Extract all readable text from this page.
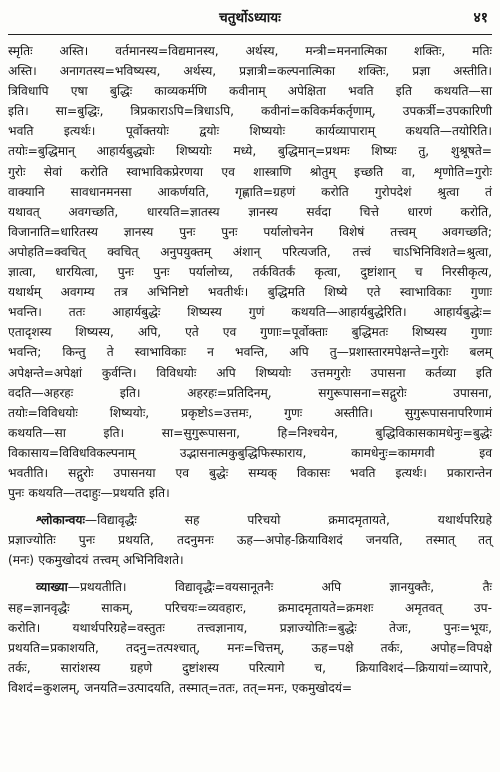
चतुर्थोऽध्यायः	४१

स्मृतिः अस्ति। वर्तमानस्य=विद्यमानस्य, अर्थस्य, मन्त्री=मननात्मिका शक्तिः, मतिः

अस्ति। अनागतस्य=भविष्यस्य, अर्थस्य, प्रज्ञात्री=कल्पनात्मिका शक्तिः, प्रज्ञा अस्तीति।

त्रिविधापि एषा बुद्धिः काव्यकर्मणि कवीनाम् अपेक्षिता भवति इति कथयति—सा

इति। सा=बुद्धिः, त्रिप्रकाराऽपि=त्रिधाऽपि, कवीनां=कविकर्मकर्तृणाम्, उपकर्त्री=उपकारिणी

भवति इत्यर्थः। पूर्वोक्तयोः द्वयोः शिष्ययोः कार्यव्यापाराम् कथयति—तयोरिति।

तयोः=बुद्धिमान् आहार्यबुद्ध्योः शिष्ययोः मध्ये, बुद्धिमान्=प्रथमः शिष्यः तु, शुश्रूषते=

गुरोः सेवां करोति स्वाभाविकप्रेरणया एव शास्त्राणि श्रोतुम् इच्छति वा, शृणोति=गुरोः

वाक्यानि सावधानमनसा आकर्णयति, गृह्णाति=ग्रहणं करोति गुरोपदेशं श्रुत्वा तं

यथावत् अवगच्छति, धारयति=ज्ञातस्य ज्ञानस्य सर्वदा चित्ते धारणं करोति,

विजानाति=धारितस्य ज्ञानस्य पुनः पुनः पर्यालोचनेन विशेषं तत्त्वम् अवगच्छति;

अपोहति=क्वचित् क्वचित् अनुपयुक्तम् अंशान् परित्यजति, तत्त्वं चाऽभिनिविशते=श्रुत्वा,

ज्ञात्वा, धारयित्वा, पुनः पुनः पर्यालोच्य, तर्कवितर्कं कृत्वा, दुष्टांशान् च निरसीकृत्य,

यथार्थम् अवगम्य तत्र अभिनिष्टो भवतीर्थः। बुद्धिमति शिष्ये एते स्वाभाविकाः गुणाः

भवन्ति। ततः आहार्यबुद्धेः शिष्यस्य गुणं कथयति—आहार्यबुद्धेरिति। आहार्यबुद्धेः=

एतादृशस्य शिष्यस्य, अपि, एते एव गुणाः=पूर्वोक्ताः बुद्धिमतः शिष्यस्य गुणाः

भवन्ति; किन्तु ते स्वाभाविकाः न भवन्ति, अपि तु—प्रशास्तारमपेक्षन्ते=गुरोः बलम्

अपेक्षन्ते=अपेक्षां कुर्वन्ति। विविधयोः अपि शिष्ययोः उत्तमगुरोः उपासना कर्तव्या इति

वदति—अहरहः इति। अहरहः=प्रतिदिनम्, सगुरूपासना=सद्गुरोः उपासना,

तयोः=विविधयोः शिष्ययोः, प्रकृष्टोऽ=उत्तमः, गुणः अस्तीति। सुगुरूपासनापरिणामं

कथयति—सा इति। सा=सुगुरूपासना, हि=निश्चयेन, बुद्धिविकासकामधेनुः=बुद्धेः

विकासाय=विविधविकल्पनाम् उद्भासनात्मकुबुद्धिफिस्फाराय, कामधेनुः=कामगवी इव

भवतीति। सद्गुरोः उपासनया एव बुद्धेः सम्यक् विकासः भवति इत्यर्थः। प्रकारान्तेन

पुनः कथयति—तदाहुः—प्रथयति इति।

श्लोकान्वयः—विद्यावृद्धैः सह परिचयो क्रमादमृतायते, यथार्थपरिग्रहे

प्रज्ञाज्योतिः पुनः प्रथयति, तदनुमनः ऊह—अपोह-क्रियाविशदं जनयति, तस्मात् तत्

(मनः) एकमुखोदयं तत्त्वम् अभिनिविशते।

व्याख्या—प्रथयतीति। विद्यावृद्धैः=वयसानूतनैः अपि ज्ञानयुक्तैः, तैः

सह=ज्ञानवृद्धैः साकम्, परिचयः=व्यवहारः, क्रमादमृतायते=क्रमशः अमृतवत् उप-

करोति। यथार्थपरिग्रहे=वस्तुतः तत्त्वज्ञानाय, प्रज्ञाज्योतिः=बुद्धेः तेजः, पुनः=भूयः,

प्रथयति=प्रकाशयति, तदनु=तत्पश्चात्, मनः=चित्तम्, ऊह=पक्षे तर्कः, अपोह=विपक्षे

तर्कः, सारांशस्य ग्रहणे दुष्टांशस्य परित्यागे च, क्रियाविशदं—क्रियायां=व्यापारे,

विशदं=कुशलम्, जनयति=उत्पादयति, तस्मात्=ततः, तत्=मनः, एकमुखोदयं=
